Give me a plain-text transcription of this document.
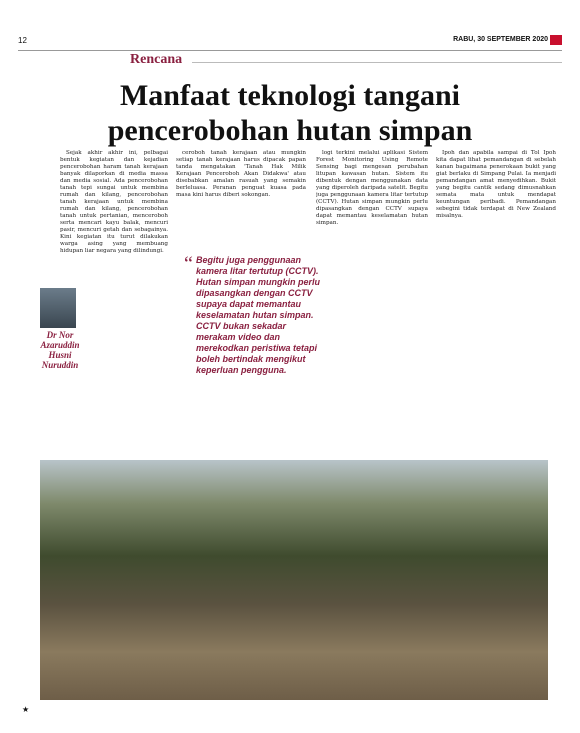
12	RABU, 30 SEPTEMBER 2020
Rencana
Manfaat teknologi tangani pencerobohan hutan simpan

Sejak akhir akhir ini, pelbagai bentuk kegiatan dan kejadian pencerobohan haram tanah kerajaan banyak dilaporkan di media massa dan media sosial. Ada pencerobohan tanah tepi sungai untuk membina rumah dan kilang, pencerobohan tanah kerajaan untuk membina rumah dan kilang, pencerobohan tanah untuk pertanian, menceroboh serta mencari kayu balak, mencuri pasir, mencuri getah dan sebagainya. Kini kegiatan itu turut dilakukan warga asing yang membuang hidupan liar negara yang dilindungi.

ceroboh tanah kerajaan atau mungkin setiap tanah kerajaan harus dipacak papan tanda mengatakan 'Tanah Hak Milik Kerajaan Penceroboh Akan Didakwa' atau disebabkan amalan rasuah yang semakin berleluasa. Peranan penguat kuasa pada masa kini harus diberi sokongan.

logi terkini melalui aplikasi Sistem Forest Monitoring Using Remote Sensing bagi mengesan perubahan litupan kawasan hutan. Sistem itu dibentuk dengan menggunakan data yang diperoleh daripada satelit. Begitu juga penggunaan kamera litar tertutup (CCTV). Hutan simpan mungkin perlu dipasangkan dengan CCTV supaya dapat memantau keselamatan hutan simpan.

Ipoh dan apabila sampai di Tol Ipoh kita dapat lihat pemandangan di sebelah kanan bagaimana penerokaan bukit yang giat berlaku di Simpang Pulai. Ia menjadi pemandangan amat menyedihkan. Bukit yang begitu cantik sedang dimusnahkan semata mata untuk mendapat keuntungan peribadi. Pemandangan sebegini tidak terdapat di New Zealand misalnya.

Dr Nor Azaruddin Husni Nuruddin
“ Begitu juga penggunaan kamera litar tertutup (CCTV). Hutan simpan mungkin perlu dipasangkan dengan CCTV supaya dapat memantau keselamatan hutan simpan. CCTV bukan sekadar merakam video dan merekodkan peristiwa tetapi boleh bertindak mengikut keperluan pengguna.
★
